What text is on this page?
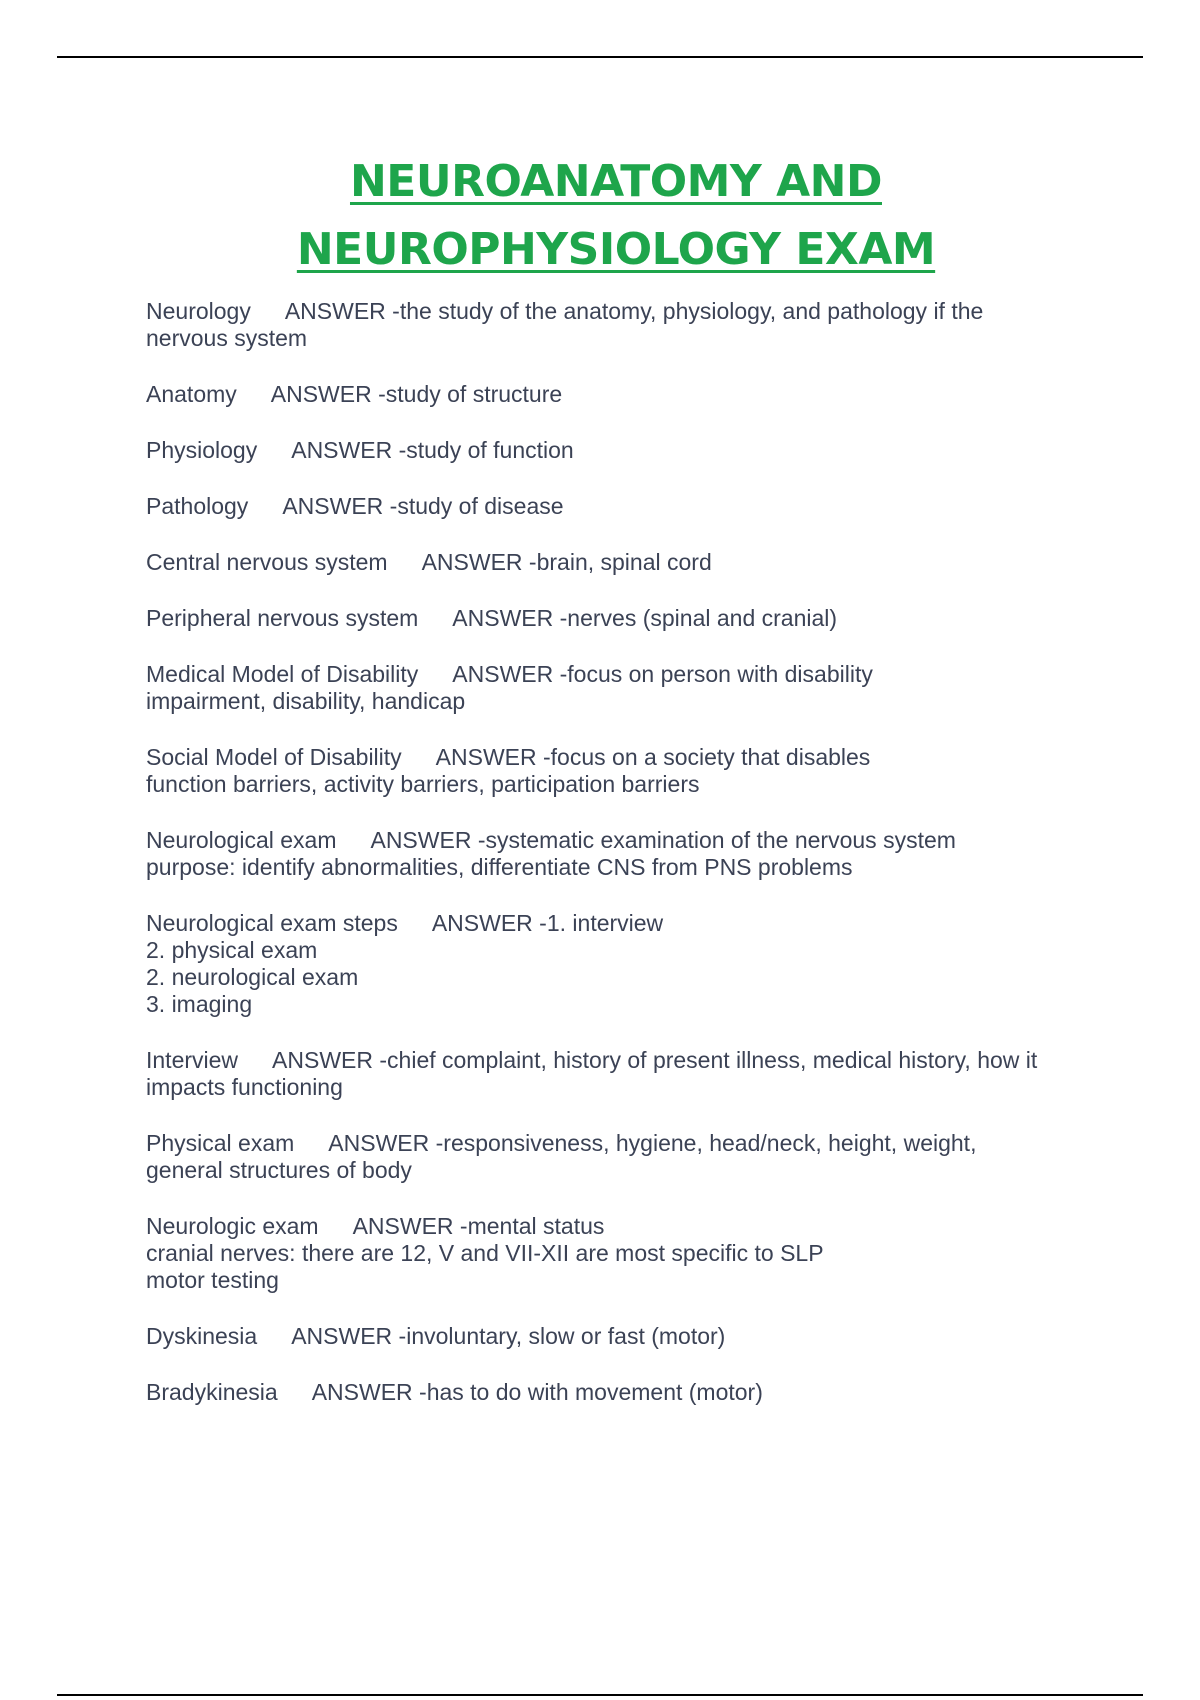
NEUROANATOMY AND
NEUROPHYSIOLOGY EXAM
Neurology ANSWER -the study of the anatomy, physiology, and pathology if the
nervous system
Anatomy ANSWER -study of structure
Physiology ANSWER -study of function
Pathology ANSWER -study of disease
Central nervous system ANSWER -brain, spinal cord
Peripheral nervous system ANSWER -nerves (spinal and cranial)
Medical Model of Disability ANSWER -focus on person with disability
impairment, disability, handicap
Social Model of Disability ANSWER -focus on a society that disables
function barriers, activity barriers, participation barriers
Neurological exam ANSWER -systematic examination of the nervous system
purpose: identify abnormalities, differentiate CNS from PNS problems
Neurological exam steps ANSWER -1. interview
2. physical exam
2. neurological exam
3. imaging
Interview ANSWER -chief complaint, history of present illness, medical history, how it
impacts functioning
Physical exam ANSWER -responsiveness, hygiene, head/neck, height, weight,
general structures of body
Neurologic exam ANSWER -mental status
cranial nerves: there are 12, V and VII-XII are most specific to SLP
motor testing
Dyskinesia ANSWER -involuntary, slow or fast (motor)
Bradykinesia ANSWER -has to do with movement (motor)
